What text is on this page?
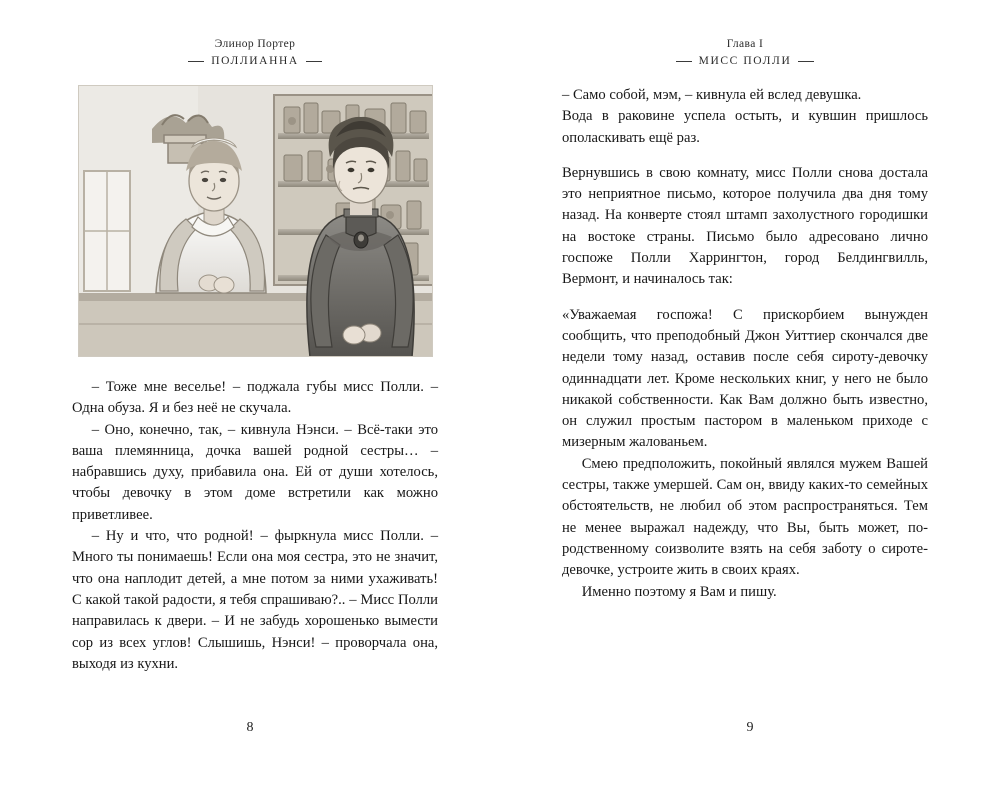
Элинор Портер
ПОЛЛИАННА

– Тоже мне веселье! – поджала губы мисс Полли. – Одна обуза. Я и без неё не скучала.

– Оно, конечно, так, – кивнула Нэнси. – Всё-таки это ваша племянница, дочка вашей родной сестры… – набравшись духу, прибавила она. Ей от души хотелось, чтобы девочку в этом доме встретили как можно приветливее.

– Ну и что, что родной! – фыркнула мисс Полли. – Много ты понимаешь! Если она моя сестра, это не значит, что она наплодит детей, а мне потом за ними ухаживать! С какой такой радости, я тебя спрашиваю?.. – Мисс Полли направилась к двери. – И не забудь хорошенько вымести сор из всех углов! Слышишь, Нэнси! – проворчала она, выходя из кухни.

8
Глава I
МИСС ПОЛЛИ

– Само собой, мэм, – кивнула ей вслед девушка.

Вода в раковине успела остыть, и кувшин пришлось ополаскивать ещё раз.

Вернувшись в свою комнату, мисс Полли снова достала это неприятное письмо, которое получила два дня тому назад. На конверте стоял штамп захолустного городишки на востоке страны. Письмо было адресовано лично госпоже Полли Харрингтон, город Белдингвилль, Вермонт, и начиналось так:

«Уважаемая госпожа! С прискорбием вынужден сообщить, что преподобный Джон Уиттиер скончался две недели тому назад, оставив после себя сироту-девочку одиннадцати лет. Кроме нескольких книг, у него не было никакой собственности. Как Вам должно быть известно, он служил простым пастором в маленьком приходе с мизерным жалованьем.

Смею предположить, покойный являлся мужем Вашей сестры, также умершей. Сам он, ввиду каких-то семейных обстоятельств, не любил об этом распространяться. Тем не менее выражал надежду, что Вы, быть может, по-родственному соизволите взять на себя заботу о сироте-девочке, устроите жить в своих краях.

Именно поэтому я Вам и пишу.

9
